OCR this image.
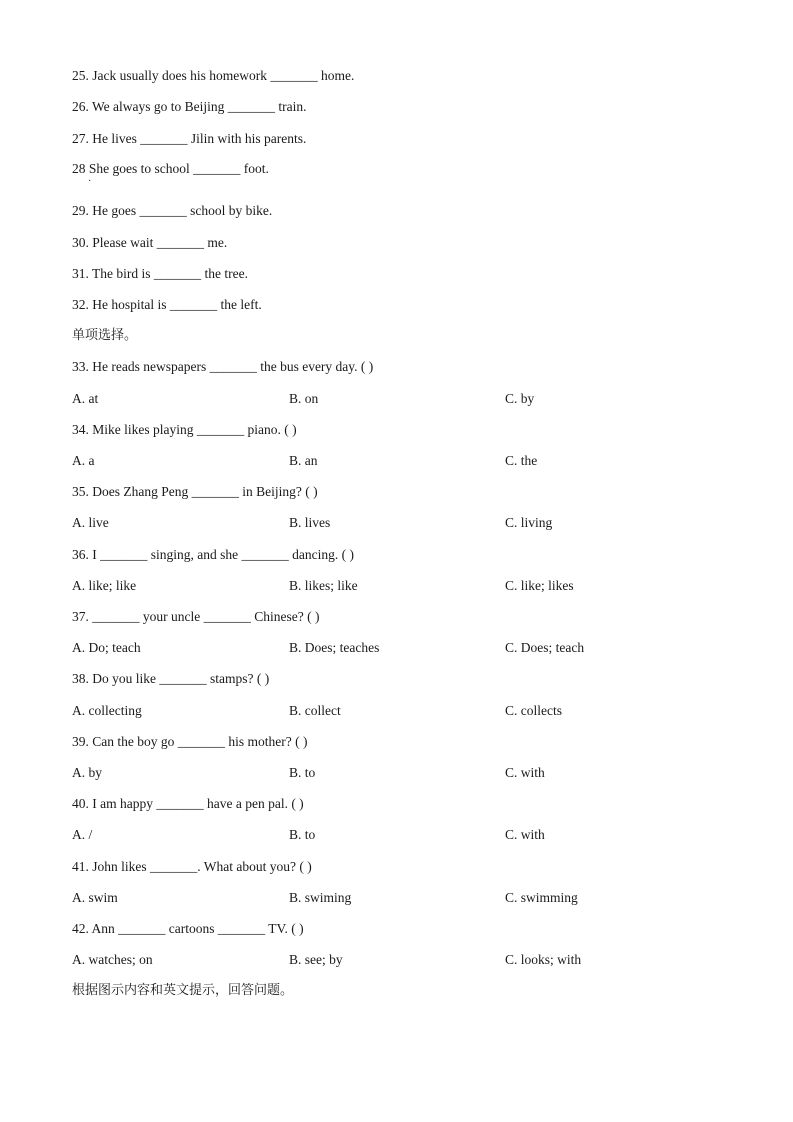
25. Jack usually does his homework _______ home.
26. We always go to Beijing _______ train.
27. He lives _______ Jilin with his parents.
28 She goes to school _______ foot.
·
29. He goes _______ school by bike.
30. Please wait _______ me.
31. The bird is _______ the tree.
32. He hospital is _______ the left.
单项选择。
33. He reads newspapers _______ the bus every day. ( )
A. at	B. on	C. by
34. Mike likes playing _______ piano. ( )
A. a	B. an	C. the
35. Does Zhang Peng _______ in Beijing? ( )
A. live	B. lives	C. living
36. I _______ singing, and she _______ dancing. ( )
A. like; like	B. likes; like	C. like; likes
37. _______ your uncle _______ Chinese? ( )
A. Do; teach	B. Does; teaches	C. Does; teach
38. Do you like _______ stamps? ( )
A. collecting	B. collect	C. collects
39. Can the boy go _______ his mother? ( )
A. by	B. to	C. with
40. I am happy _______ have a pen pal. ( )
A. /	B. to	C. with
41. John likes _______. What about you? ( )
A. swim	B. swiming	C. swimming
42. Ann _______ cartoons _______ TV. ( )
A. watches; on	B. see; by	C. looks; with
根据图示内容和英文提示，回答问题。
